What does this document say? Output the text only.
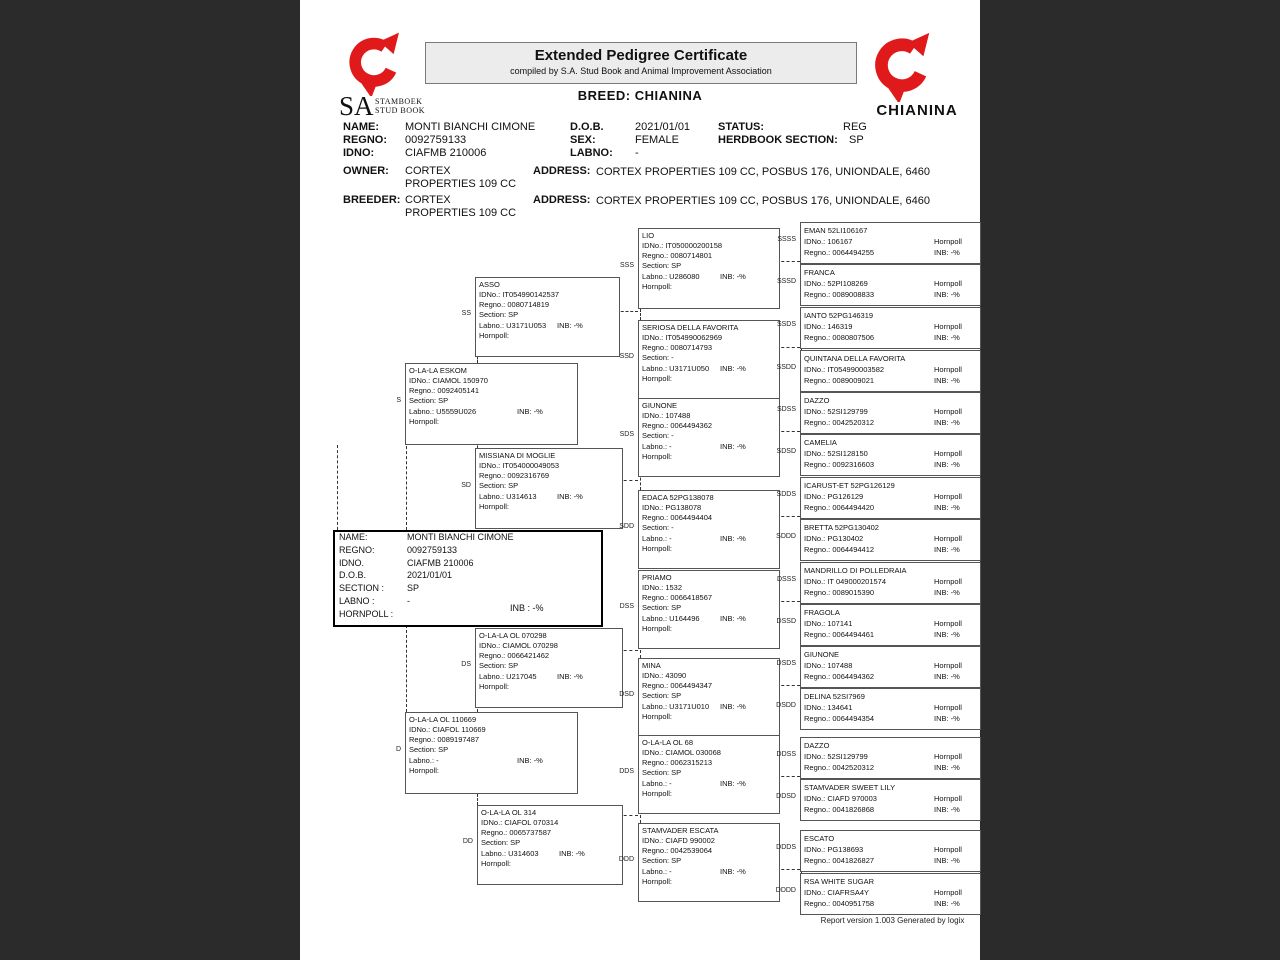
CHIANINA
SA STAMBOEK
STUD BOOK
Extended Pedigree Certificate
compiled by S.A. Stud Book and Animal Improvement Association
BREED: CHIANINA
NAME: MONTI BIANCHI CIMONE	D.O.B.	2021/01/01	STATUS:	REG
REGNO: 0092759133	SEX:	FEMALE	HERDBOOK SECTION: SP
IDNO:	CIAFMB 210006	LABNO: -
OWNER: CORTEX PROPERTIES 109 CC
ADDRESS: CORTEX PROPERTIES 109 CC, POSBUS 176, UNIONDALE, 6460
BREEDER: CORTEX PROPERTIES 109 CC
ADDRESS: CORTEX PROPERTIES 109 CC, POSBUS 176, UNIONDALE, 6460
NAME:	MONTI BIANCHI CIMONE
REGNO:	0092759133
IDNO.	CIAFMB 210006
D.O.B.	2021/01/01
SECTION :	SP
LABNO :	-
HORNPOLL :
INB : -%
O-LA-LA ESKOM
IDNo.: CIAMOL 150970
Regno.: 0092405141
Section: SP
Labno.: U5559U026	INB: -%
Hornpoll:
S
O-LA-LA OL 110669
IDNo.: CIAFOL 110669
Regno.: 0089197487
Section: SP
Labno.: -	INB: -%
Hornpoll:
D
ASSO
IDNo.: IT054990142537
Regno.: 0080714819
Section: SP
Labno.: U3171U053 INB: -%
Hornpoll:
SS
MISSIANA DI MOGLIE
IDNo.: IT054000049053
Regno.: 0092316769
Section: SP
Labno.: U314613	INB: -%
Hornpoll:
SD
O-LA-LA OL 070298
IDNo.: CIAMOL 070298
Regno.: 0066421462
Section: SP
Labno.: U217045	INB: -%
Hornpoll:
DS
O-LA-LA OL 314
IDNo.: CIAFOL 070314
Regno.: 0065737587
Section: SP
Labno.: U314603	INB: -%
Hornpoll:
DD
LIO
IDNo.: IT050000200158
Regno.: 0080714801
Section: SP
Labno.: U286080	INB: -%
Hornpoll:
SSS
SERIOSA DELLA FAVORITA
IDNo.: IT054990062969
Regno.: 0080714793
Section: -
Labno.: U3171U050 INB: -%
Hornpoll:
SSD
GIUNONE
IDNo.: 107488
Regno.: 0064494362
Section: -
Labno.: -	INB: -%
Hornpoll:
SDS
EDACA 52PG138078
IDNo.: PG138078
Regno.: 0064494404
Section: -
Labno.: -	INB: -%
Hornpoll:
SDD
PRIAMO
IDNo.: 1532
Regno.: 0066418567
Section: SP
Labno.: U164496	INB: -%
Hornpoll:
DSS
MINA
IDNo.: 43090
Regno.: 0064494347
Section: SP
Labno.: U3171U010 INB: -%
Hornpoll:
DSD
O-LA-LA OL 68
IDNo.: CIAMOL 030068
Regno.: 0062315213
Section: SP
Labno.: -	INB: -%
Hornpoll:
DDS
STAMVADER ESCATA
IDNo.: CIAFD 990002
Regno.: 0042539064
Section: SP
Labno.: -	INB: -%
Hornpoll:
DDD
EMAN 52LI106167
IDNo.: 106167	Hornpoll
Regno.: 0064494255	INB: -%
SSSS
FRANCA
IDNo.: 52PI108269	Hornpoll
Regno.: 0089008833	INB: -%
SSSD
IANTO 52PG146319
IDNo.: 146319	Hornpoll
Regno.: 0080807506	INB: -%
SSDS
QUINTANA DELLA FAVORITA
IDNo.: IT054990003582	Hornpoll
Regno.: 0089009021	INB: -%
SSDD
DAZZO
IDNo.: 52SI129799	Hornpoll
Regno.: 0042520312	INB: -%
SDSS
CAMELIA
IDNo.: 52SI128150	Hornpoll
Regno.: 0092316603	INB: -%
SDSD
ICARUST-ET 52PG126129
IDNo.: PG126129	Hornpoll
Regno.: 0064494420	INB: -%
SDDS
BRETTA 52PG130402
IDNo.: PG130402	Hornpoll
Regno.: 0064494412	INB: -%
SDDD
MANDRILLO DI POLLEDRAIA
IDNo.: IT 049000201574	Hornpoll
Regno.: 0089015390	INB: -%
DSSS
FRAGOLA
IDNo.: 107141	Hornpoll
Regno.: 0064494461	INB: -%
DSSD
GIUNONE
IDNo.: 107488	Hornpoll
Regno.: 0064494362	INB: -%
DSDS
DELINA 52SI7969
IDNo.: 134641	Hornpoll
Regno.: 0064494354	INB: -%
DSDD
DAZZO
IDNo.: 52SI129799	Hornpoll
Regno.: 0042520312	INB: -%
DDSS
STAMVADER SWEET LILY
IDNo.: CIAFD 970003	Hornpoll
Regno.: 0041826868	INB: -%
DDSD
ESCATO
IDNo.: PG138693	Hornpoll
Regno.: 0041826827	INB: -%
DDDS
RSA WHITE SUGAR
IDNo.: CIAFRSA4Y	Hornpoll
Regno.: 0040951758	INB: -%
DDDD
Report version 1.003 Generated by logix
